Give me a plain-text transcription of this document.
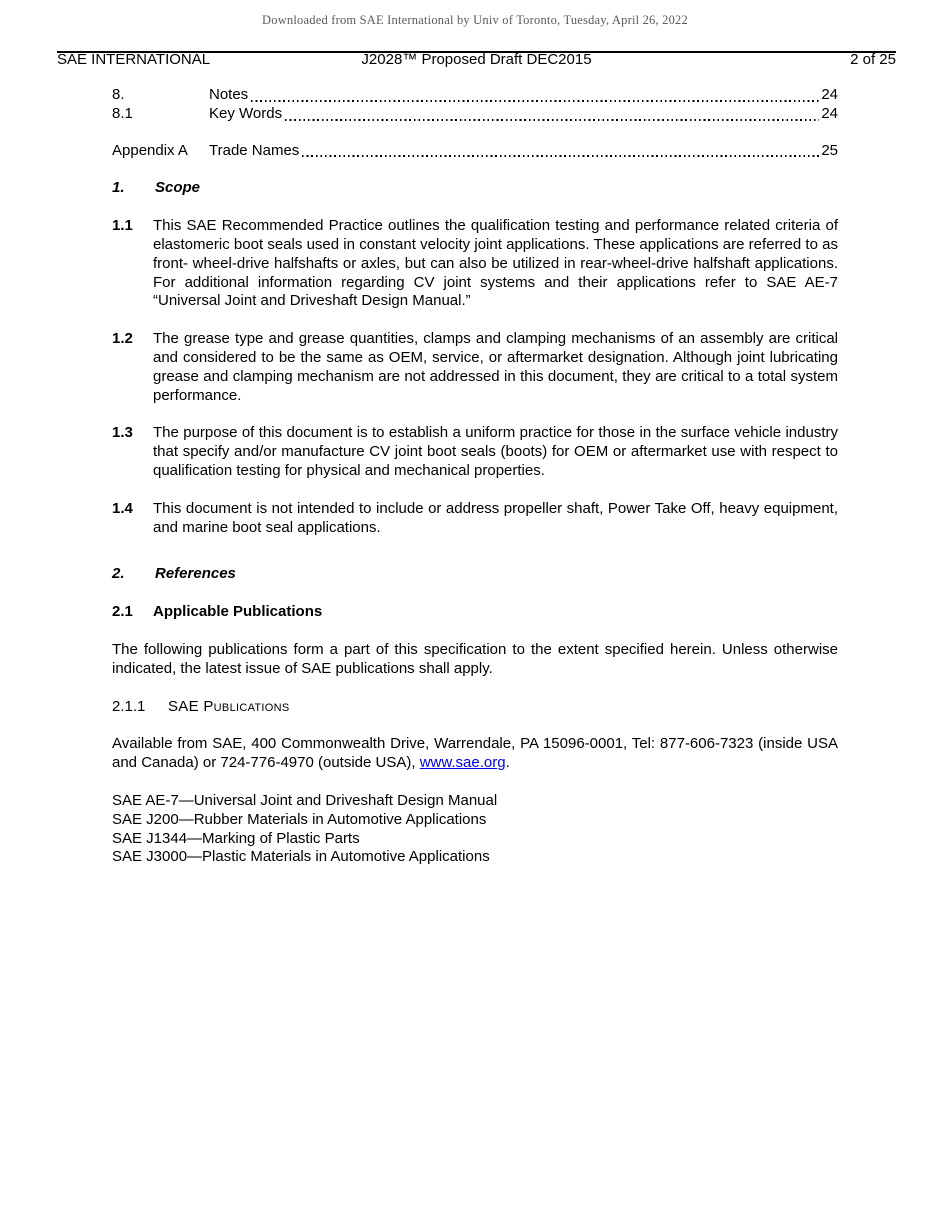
Downloaded from SAE International by Univ of Toronto, Tuesday, April 26, 2022
J2028™ Proposed Draft DEC2015
SAE INTERNATIONAL	2 of 25
8.	Notes	24
8.1	Key Words	24
Appendix A	Trade Names	25
1.	Scope
1.1	This SAE Recommended Practice outlines the qualification testing and performance related criteria of elastomeric boot seals used in constant velocity joint applications. These applications are referred to as front- wheel-drive halfshafts or axles, but can also be utilized in rear-wheel-drive halfshaft applications. For additional information regarding CV joint systems and their applications refer to SAE AE-7 “Universal Joint and Driveshaft Design Manual.”
1.2	The grease type and grease quantities, clamps and clamping mechanisms of an assembly are critical and considered to be the same as OEM, service, or aftermarket designation. Although joint lubricating grease and clamping mechanism are not addressed in this document, they are critical to a total system performance.
1.3	The purpose of this document is to establish a uniform practice for those in the surface vehicle industry that specify and/or manufacture CV joint boot seals (boots) for OEM or aftermarket use with respect to qualification testing for physical and mechanical properties.
1.4	This document is not intended to include or address propeller shaft, Power Take Off, heavy equipment, and marine boot seal applications.
2.	References
2.1	Applicable Publications
The following publications form a part of this specification to the extent specified herein. Unless otherwise indicated, the latest issue of SAE publications shall apply.
2.1.1	SAE Publications
Available from SAE, 400 Commonwealth Drive, Warrendale, PA 15096-0001, Tel: 877-606-7323 (inside USA and Canada) or 724-776-4970 (outside USA), www.sae.org.
SAE AE-7—Universal Joint and Driveshaft Design Manual
SAE J200—Rubber Materials in Automotive Applications
SAE J1344—Marking of Plastic Parts
SAE J3000—Plastic Materials in Automotive Applications
